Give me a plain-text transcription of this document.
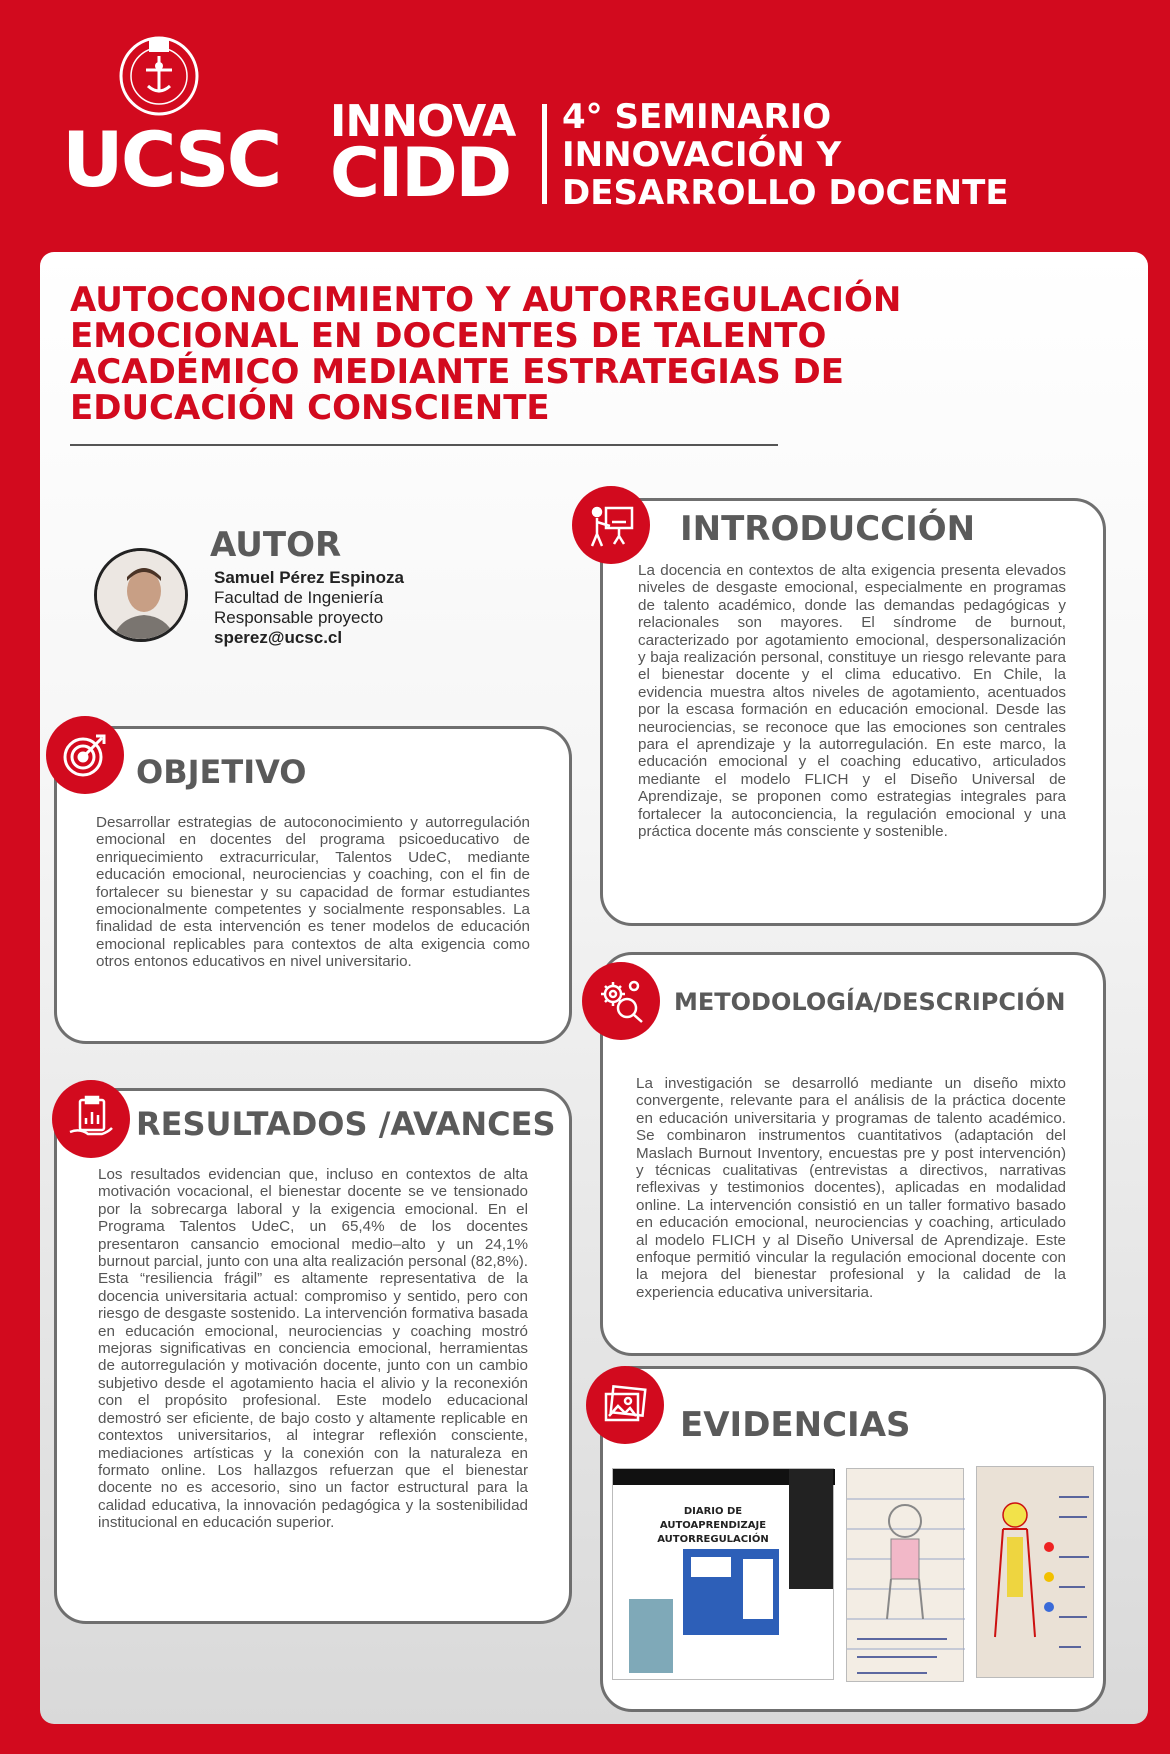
UCSC INNOVA
CIDD
4° SEMINARIO
INNOVACIÓN Y
DESARROLLO DOCENTE
AUTOCONOCIMIENTO Y AUTORREGULACIÓN
EMOCIONAL EN DOCENTES DE TALENTO
ACADÉMICO MEDIANTE ESTRATEGIAS DE
EDUCACIÓN CONSCIENTE
AUTOR
Samuel Pérez Espinoza
Facultad de Ingeniería
Responsable proyecto
sperez@ucsc.cl
OBJETIVO
Desarrollar estrategias de autoconocimiento y autorregulación emocional en docentes del programa psicoeducativo de enriquecimiento extracurricular, Talentos UdeC, mediante educación emocional, neurociencias y coaching, con el fin de fortalecer su bienestar y su capacidad de formar estudiantes emocionalmente competentes y socialmente responsables. La finalidad de esta intervención es tener modelos de educación emocional replicables para contextos de alta exigencia como otros entonos educativos en nivel universitario.
RESULTADOS /AVANCES
Los resultados evidencian que, incluso en contextos de alta motivación vocacional, el bienestar docente se ve tensionado por la sobrecarga laboral y la exigencia emocional. En el Programa Talentos UdeC, un 65,4% de los docentes presentaron cansancio emocional medio–alto y un 24,1% burnout parcial, junto con una alta realización personal (82,8%). Esta “resiliencia frágil” es altamente representativa de la docencia universitaria actual: compromiso y sentido, pero con riesgo de desgaste sostenido. La intervención formativa basada en educación emocional, neurociencias y coaching mostró mejoras significativas en conciencia emocional, herramientas de autorregulación y motivación docente, junto con un cambio subjetivo desde el agotamiento hacia el alivio y la reconexión con el propósito profesional. Este modelo educacional demostró ser eficiente, de bajo costo y altamente replicable en contextos universitarios, al integrar reflexión consciente, mediaciones artísticas y la conexión con la naturaleza en formato online. Los hallazgos refuerzan que el bienestar docente no es accesorio, sino un factor estructural para la calidad educativa, la innovación pedagógica y la sostenibilidad institucional en educación superior.
INTRODUCCIÓN
La docencia en contextos de alta exigencia presenta elevados niveles de desgaste emocional, especialmente en programas de talento académico, donde las demandas pedagógicas y relacionales son mayores. El síndrome de burnout, caracterizado por agotamiento emocional, despersonalización y baja realización personal, constituye un riesgo relevante para el bienestar docente y el clima educativo. En Chile, la evidencia muestra altos niveles de agotamiento, acentuados por la escasa formación en educación emocional. Desde las neurociencias, se reconoce que las emociones son centrales para el aprendizaje y la autorregulación. En este marco, la educación emocional y el coaching educativo, articulados mediante el modelo FLICH y el Diseño Universal de Aprendizaje, se proponen como estrategias integrales para fortalecer la autoconciencia, la regulación emocional y una práctica docente más consciente y sostenible.
METODOLOGÍA/DESCRIPCIÓN
La investigación se desarrolló mediante un diseño mixto convergente, relevante para el análisis de la práctica docente en educación universitaria y programas de talento académico. Se combinaron instrumentos cuantitativos (adaptación del Maslach Burnout Inventory, encuestas pre y post intervención) y técnicas cualitativas (entrevistas a directivos, narrativas reflexivas y testimonios docentes), aplicadas en modalidad online. La intervención consistió en un taller formativo basado en educación emocional, neurociencias y coaching, articulado al modelo FLICH y al Diseño Universal de Aprendizaje. Este enfoque permitió vincular la regulación emocional docente con la mejora del bienestar profesional y la calidad de la experiencia educativa universitaria.
EVIDENCIAS
DIARIO DE AUTOAPRENDIZAJE
AUTORREGULACIÓN
